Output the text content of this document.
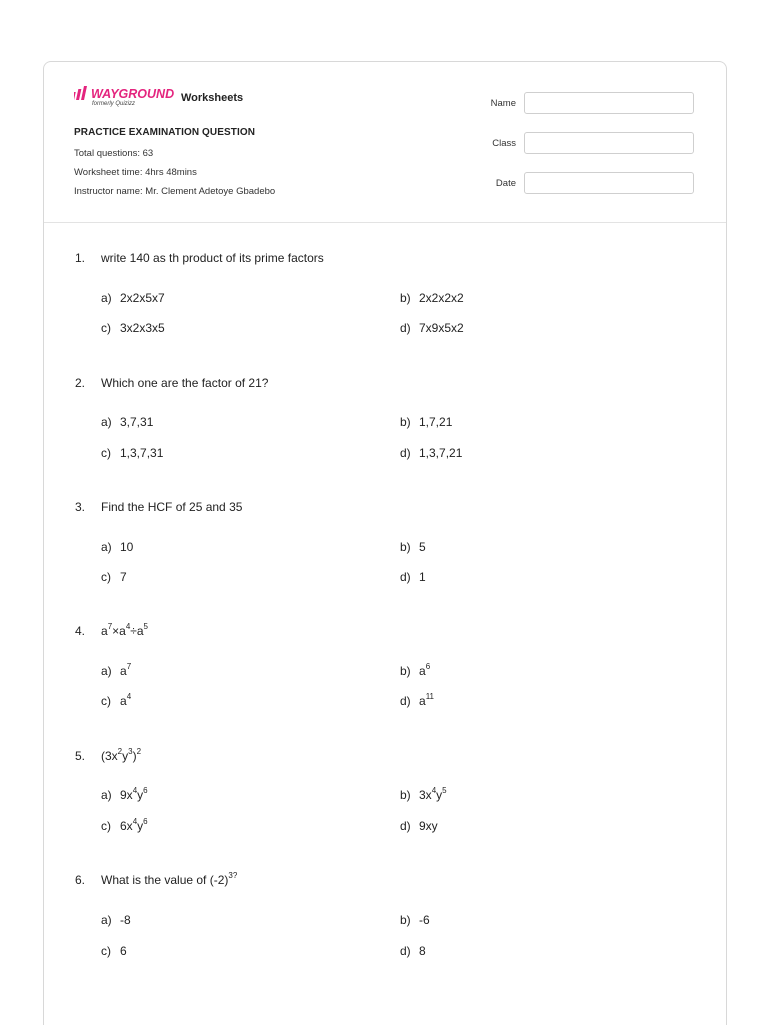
WAYGROUND
formerly Quizizz	Worksheets
PRACTICE EXAMINATION QUESTION
Total questions: 63
Worksheet time: 4hrs 48mins
Instructor name: Mr. Clement Adetoye Gbadebo
Name
Class
Date
1. write 140 as th product of its prime factors
a) 2x2x5x7	b) 2x2x2x2
c) 3x2x3x5	d) 7x9x5x2
2. Which one are the factor of 21?
a) 3,7,31	b) 1,7,21
c) 1,3,7,31	d) 1,3,7,21
3. Find the HCF of 25 and 35
a) 10	b) 5
c) 7	d) 1
4. $a^7\times a^4\div a^5$
a) $a^7$	b) $a^6$
c) $a^4$	d) $a^{11}$
5. $(3x^2y^3)^2$
a) $9x^4y^6$	b) $3x^4y^5$
c) $6x^4y^6$	d) 9xy
6. What is the value of $(-2)^{3?}$
a) -8	b) -6
c) 6	d) 8
